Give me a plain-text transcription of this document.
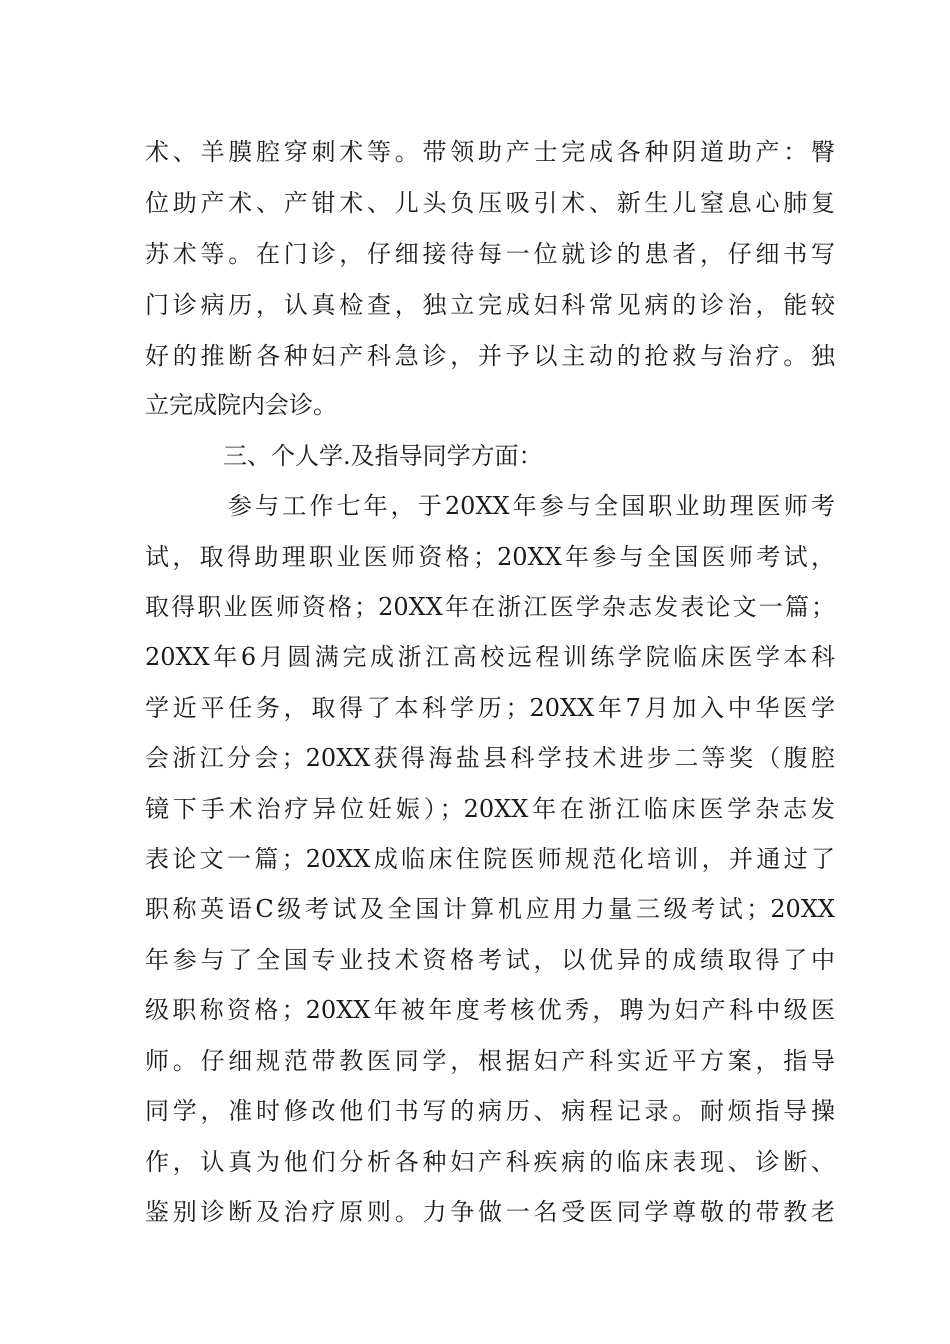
术、羊膜腔穿刺术等。带领助产士完成各种阴道助产：臀
位助产术、产钳术、儿头负压吸引术、新生儿窒息心肺复
苏术等。在门诊，仔细接待每一位就诊的患者，仔细书写
门诊病历，认真检查，独立完成妇科常见病的诊治，能较
好的推断各种妇产科急诊，并予以主动的抢救与治疗。独
立完成院内会诊。
三、个人学.及指导同学方面：
参与工作七年，于20XX年参与全国职业助理医师考
试，取得助理职业医师资格；20XX年参与全国医师考试，
取得职业医师资格；20XX年在浙江医学杂志发表论文一篇；
20XX年6月圆满完成浙江高校远程训练学院临床医学本科
学近平任务，取得了本科学历；20XX年7月加入中华医学
会浙江分会；20XX获得海盐县科学技术进步二等奖（腹腔
镜下手术治疗异位妊娠）；20XX年在浙江临床医学杂志发
表论文一篇；20XX成临床住院医师规范化培训，并通过了
职称英语C级考试及全国计算机应用力量三级考试；20XX
年参与了全国专业技术资格考试，以优异的成绩取得了中
级职称资格；20XX年被年度考核优秀，聘为妇产科中级医
师。仔细规范带教医同学，根据妇产科实近平方案，指导
同学，准时修改他们书写的病历、病程记录。耐烦指导操
作，认真为他们分析各种妇产科疾病的临床表现、诊断、
鉴别诊断及治疗原则。力争做一名受医同学尊敬的带教老
